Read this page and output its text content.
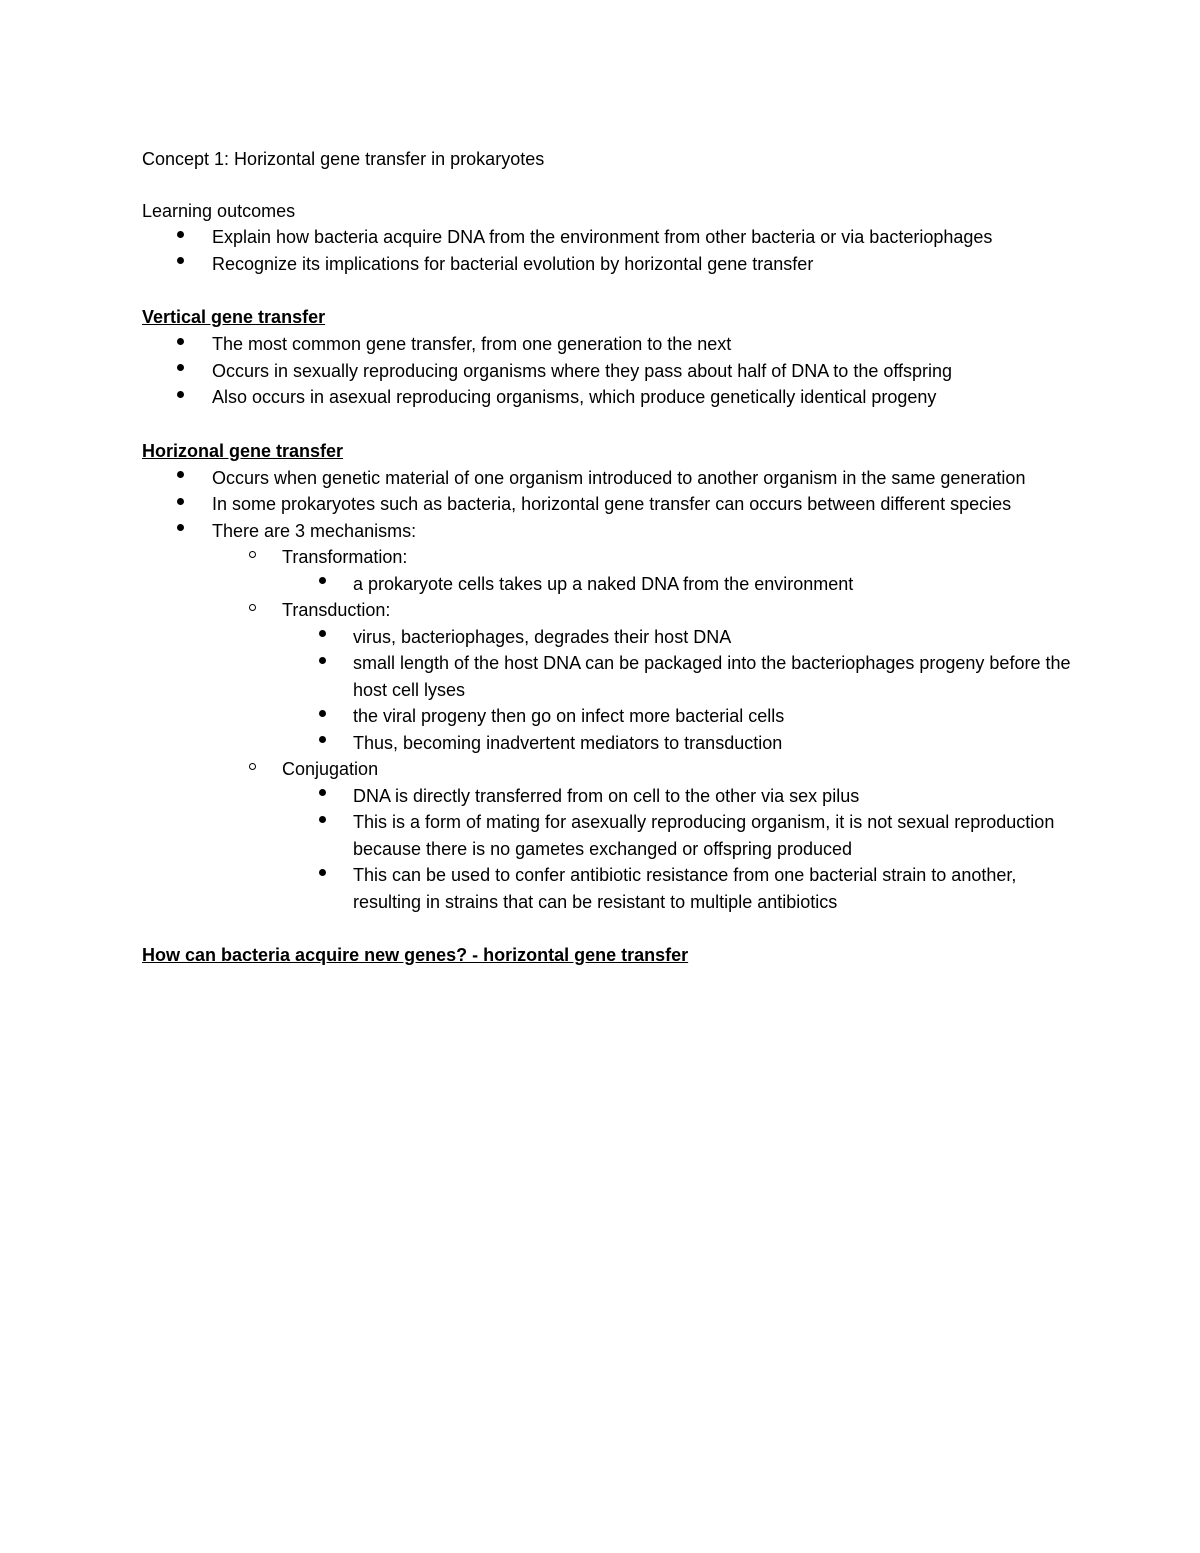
Concept 1: Horizontal gene transfer in prokaryotes
Learning outcomes
Explain how bacteria acquire DNA from the environment from other bacteria or via bacteriophages
Recognize its implications for bacterial evolution by horizontal gene transfer
Vertical gene transfer
The most common gene transfer, from one generation to the next
Occurs in sexually reproducing organisms where they pass about half of DNA to the offspring
Also occurs in asexual reproducing organisms, which produce genetically identical progeny
Horizonal gene transfer
Occurs when genetic material of one organism introduced to another organism in the same generation
In some prokaryotes such as bacteria, horizontal gene transfer can occurs between different species
There are 3 mechanisms:
Transformation:
a prokaryote cells takes up a naked DNA from the environment
Transduction:
virus, bacteriophages, degrades their host DNA
small length of the host DNA can be packaged into the bacteriophages progeny before the host cell lyses
the viral progeny then go on infect more bacterial cells
Thus, becoming inadvertent mediators to transduction
Conjugation
DNA is directly transferred from on cell to the other via sex pilus
This is a form of mating for asexually reproducing organism, it is not sexual reproduction because there is no gametes exchanged or offspring produced
This can be used to confer antibiotic resistance from one bacterial strain to another, resulting in strains that can be resistant to multiple antibiotics
How can bacteria acquire new genes? - horizontal gene transfer
